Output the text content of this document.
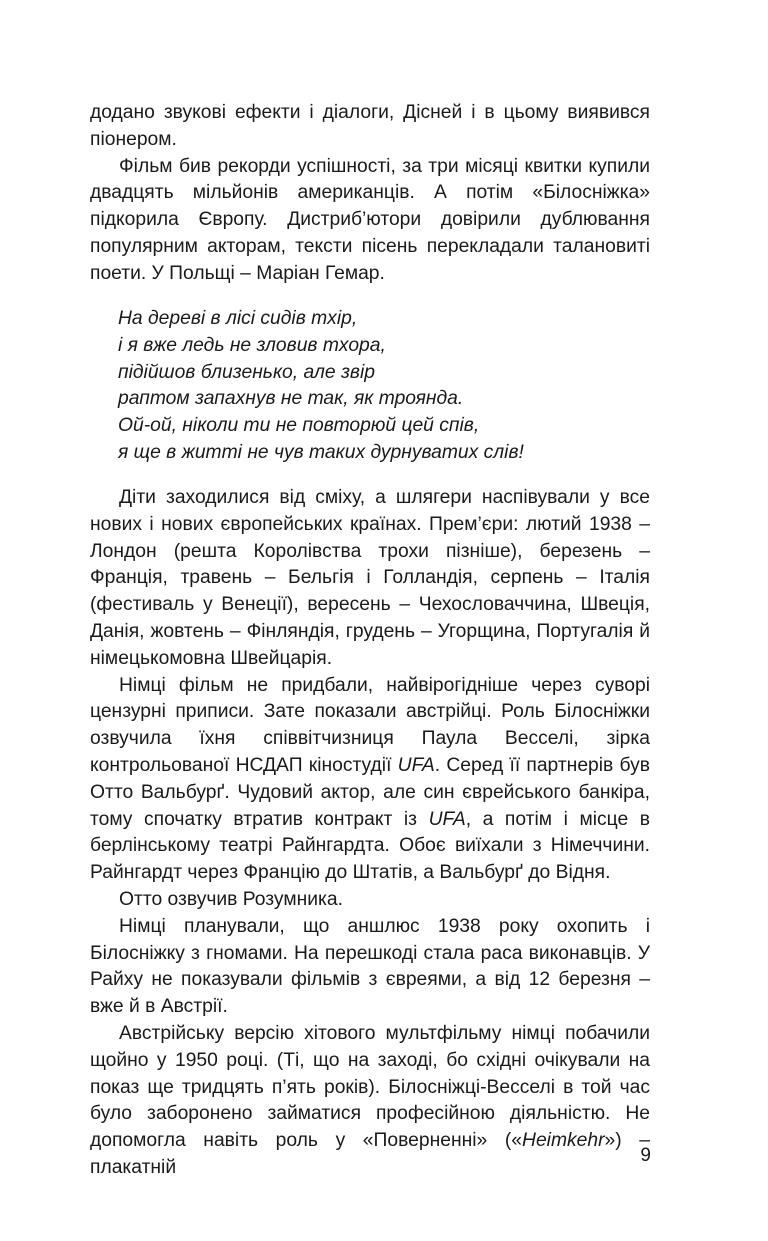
додано звукові ефекти і діалоги, Дісней і в цьому виявився піонером.

Фільм бив рекорди успішності, за три місяці квитки купили двадцять мільйонів американців. А потім «Білосніжка» підкорила Європу. Дистриб’ютори довірили дублювання популярним акторам, тексти пісень перекладали талановиті поети. У Польщі – Маріан Гемар.

На дереві в лісі сидів тхір,
і я вже ледь не зловив тхора,
підійшов близенько, але звір
раптом запахнув не так, як троянда.
Ой-ой, ніколи ти не повторюй цей спів,
я ще в житті не чув таких дурнуватих слів!

Діти заходилися від сміху, а шлягери наспівували у все нових і нових європейських країнах. Прем’єри: лютий 1938 – Лондон (решта Королівства трохи пізніше), березень – Франція, травень – Бельгія і Голландія, серпень – Італія (фестиваль у Венеції), вересень – Чехословаччина, Швеція, Данія, жовтень – Фінляндія, грудень – Угорщина, Португалія й німецькомовна Швейцарія.

Німці фільм не придбали, найвірогідніше через суворі цензурні приписи. Зате показали австрійці. Роль Білосніжки озвучила їхня співвітчизниця Паула Весселі, зірка контрольованої НСДАП кіностудії UFA. Серед її партнерів був Отто Вальбурґ. Чудовий актор, але син єврейського банкіра, тому спочатку втратив контракт із UFA, а потім і місце в берлінському театрі Райнгардта. Обоє виїхали з Німеччини. Райнгардт через Францію до Штатів, а Вальбурґ до Відня.

Отто озвучив Розумника.

Німці планували, що аншлюс 1938 року охопить і Білосніжку з гномами. На перешкоді стала раса виконавців. У Райху не показували фільмів з євреями, а від 12 березня – вже й в Австрії.

Австрійську версію хітового мультфільму німці побачили щойно у 1950 році. (Ті, що на заході, бо східні очікували на показ ще тридцять п’ять років). Білосніжці-Весселі в той час було заборонено займатися професійною діяльністю. Не допомогла навіть роль у «Поверненні» («Heimkehr») – плакатній

9
